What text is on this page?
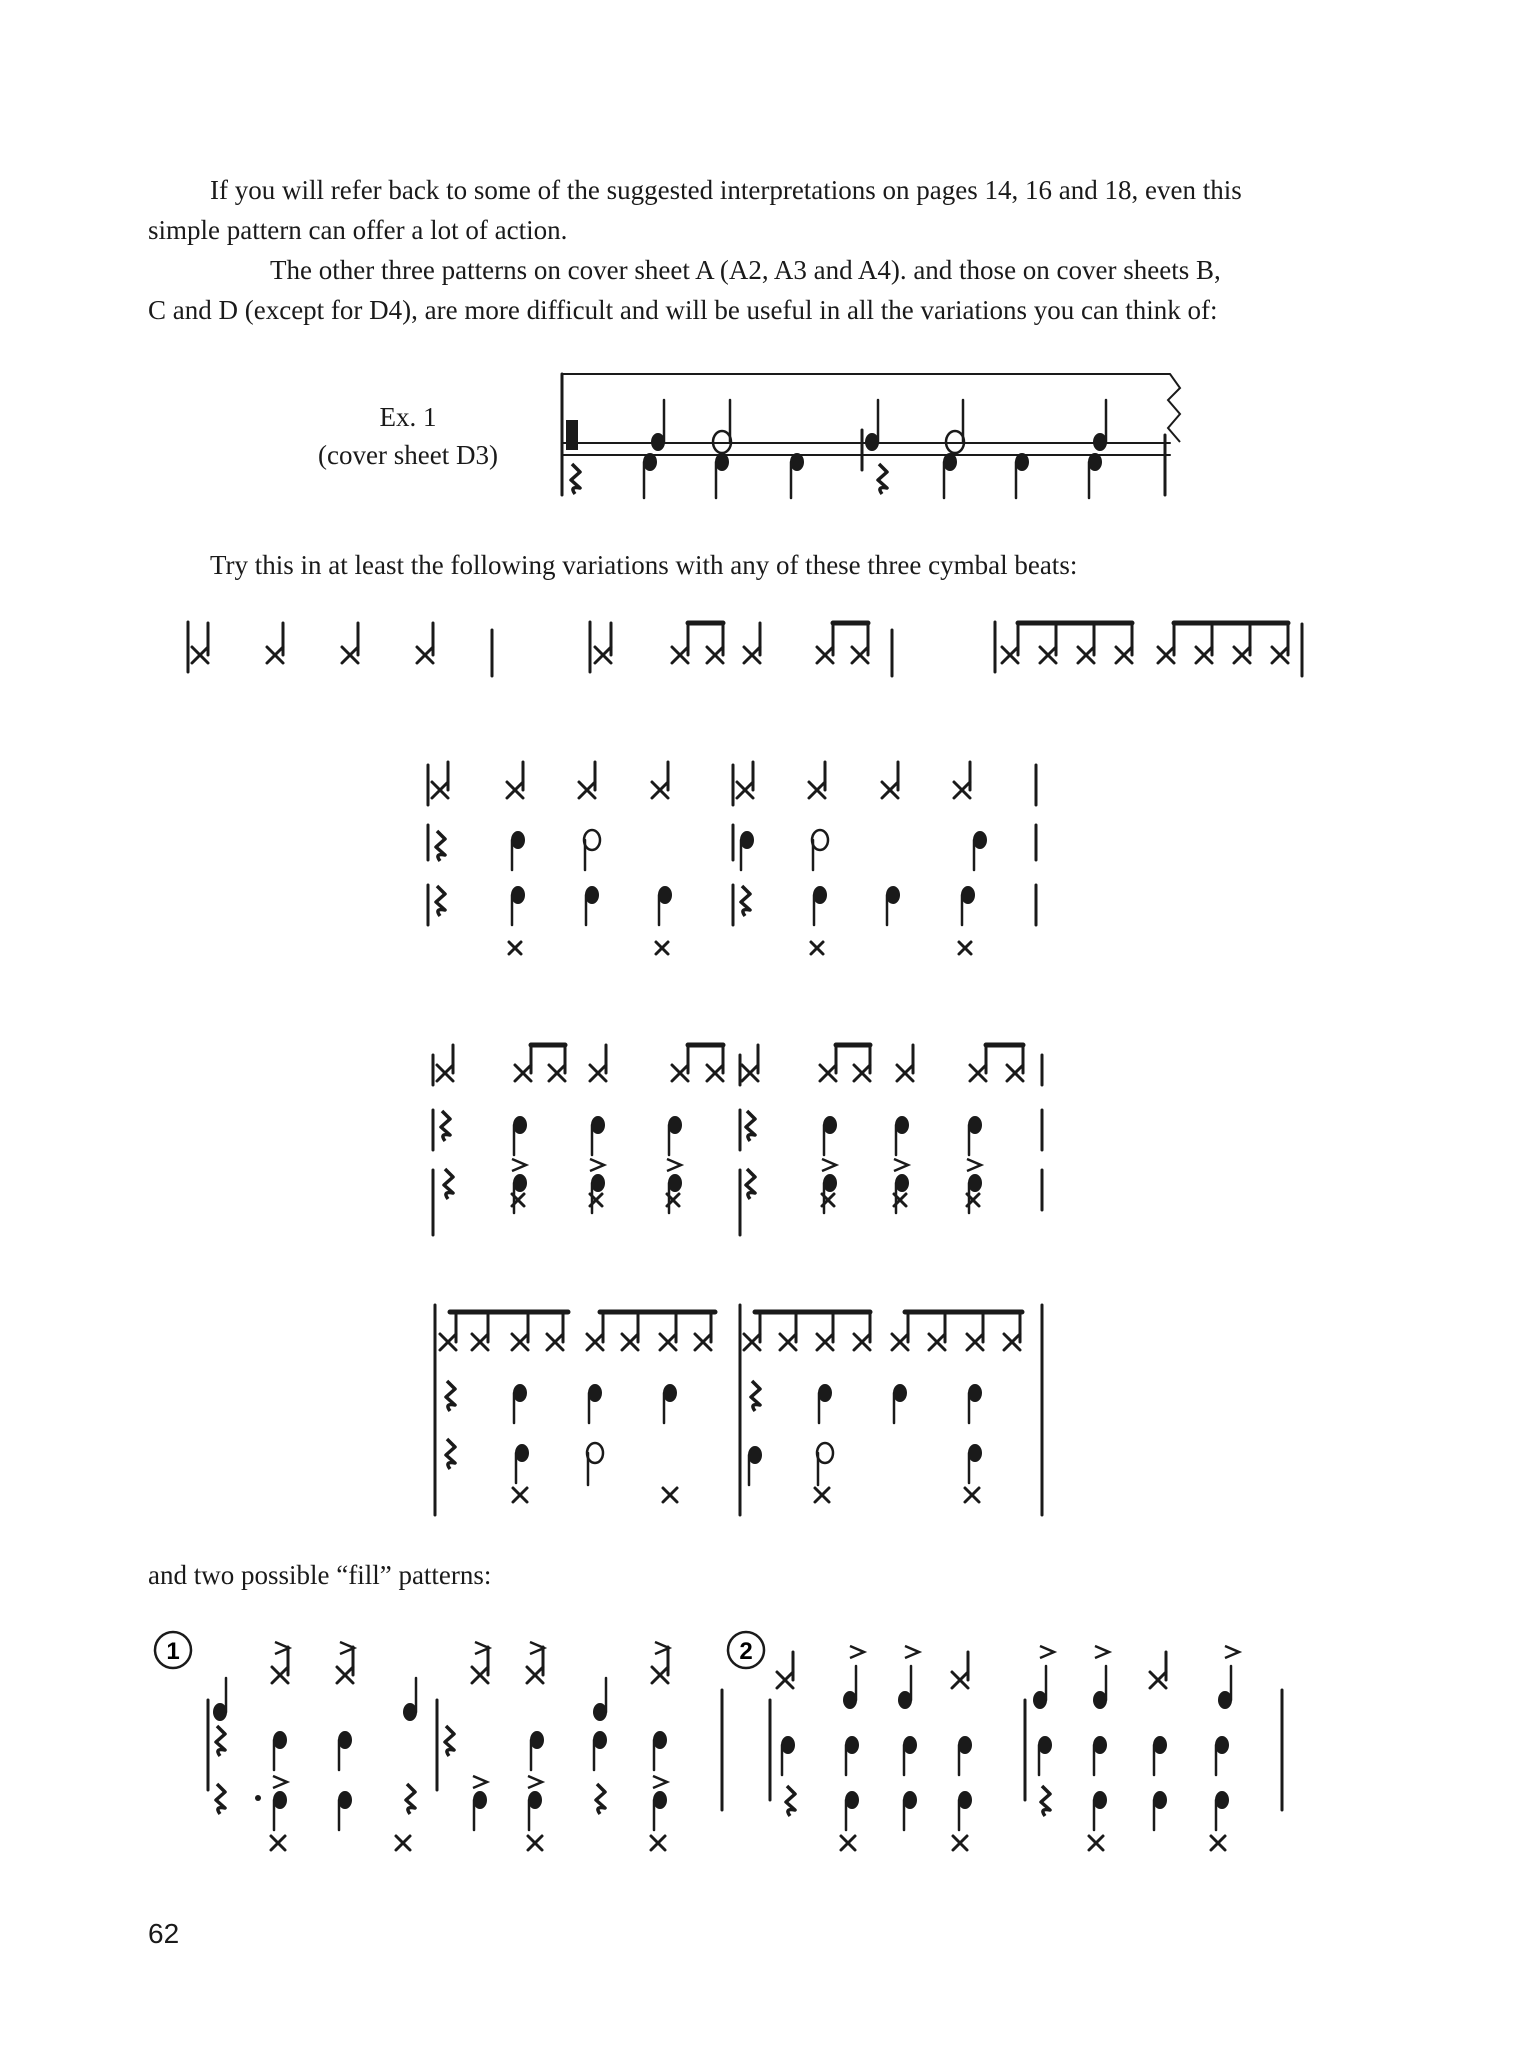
If you will refer back to some of the suggested interpretations on pages 14, 16 and 18, even this
simple pattern can offer a lot of action.
The other three patterns on cover sheet A (A2, A3 and A4). and those on cover sheets B,
C and D (except for D4), are more difficult and will be useful in all the variations you can think of:

Ex. 1
(cover sheet D3)

Try this in at least the following variations with any of these three cymbal beats:

and two possible “fill” patterns:

62
1	2
